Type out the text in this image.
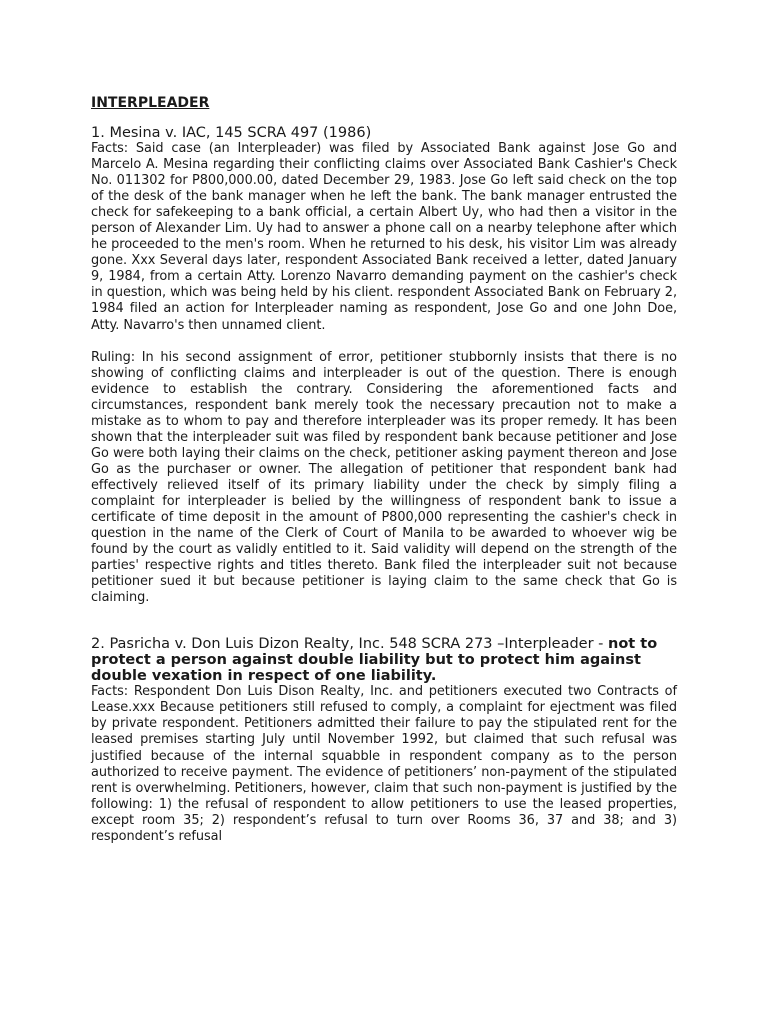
INTERPLEADER

1. Mesina v. IAC, 145 SCRA 497 (1986)

Facts: Said case (an Interpleader) was filed by Associated Bank against Jose Go and Marcelo A. Mesina regarding their conflicting claims over Associated Bank Cashier's Check No. 011302 for P800,000.00, dated December 29, 1983. Jose Go left said check on the top of the desk of the bank manager when he left the bank. The bank manager entrusted the check for safekeeping to a bank official, a certain Albert Uy, who had then a visitor in the person of Alexander Lim. Uy had to answer a phone call on a nearby telephone after which he proceeded to the men's room. When he returned to his desk, his visitor Lim was already gone. Xxx Several days later, respondent Associated Bank received a letter, dated January 9, 1984, from a certain Atty. Lorenzo Navarro demanding payment on the cashier's check in question, which was being held by his client. respondent Associated Bank on February 2, 1984 filed an action for Interpleader naming as respondent, Jose Go and one John Doe, Atty. Navarro's then unnamed client.

Ruling: In his second assignment of error, petitioner stubbornly insists that there is no showing of conflicting claims and interpleader is out of the question. There is enough evidence to establish the contrary. Considering the aforementioned facts and circumstances, respondent bank merely took the necessary precaution not to make a mistake as to whom to pay and therefore interpleader was its proper remedy. It has been shown that the interpleader suit was filed by respondent bank because petitioner and Jose Go were both laying their claims on the check, petitioner asking payment thereon and Jose Go as the purchaser or owner. The allegation of petitioner that respondent bank had effectively relieved itself of its primary liability under the check by simply filing a complaint for interpleader is belied by the willingness of respondent bank to issue a certificate of time deposit in the amount of P800,000 representing the cashier's check in question in the name of the Clerk of Court of Manila to be awarded to whoever wig be found by the court as validly entitled to it. Said validity will depend on the strength of the parties' respective rights and titles thereto. Bank filed the interpleader suit not because petitioner sued it but because petitioner is laying claim to the same check that Go is claiming.

2. Pasricha v. Don Luis Dizon Realty, Inc. 548 SCRA 273 –Interpleader - not to protect a person against double liability but to protect him against double vexation in respect of one liability.

Facts: Respondent Don Luis Dison Realty, Inc. and petitioners executed two Contracts of Lease.xxx Because petitioners still refused to comply, a complaint for ejectment was filed by private respondent. Petitioners admitted their failure to pay the stipulated rent for the leased premises starting July until November 1992, but claimed that such refusal was justified because of the internal squabble in respondent company as to the person authorized to receive payment. The evidence of petitioners’ non-payment of the stipulated rent is overwhelming. Petitioners, however, claim that such non-payment is justified by the following: 1) the refusal of respondent to allow petitioners to use the leased properties, except room 35; 2) respondent’s refusal to turn over Rooms 36, 37 and 38; and 3) respondent’s refusal
